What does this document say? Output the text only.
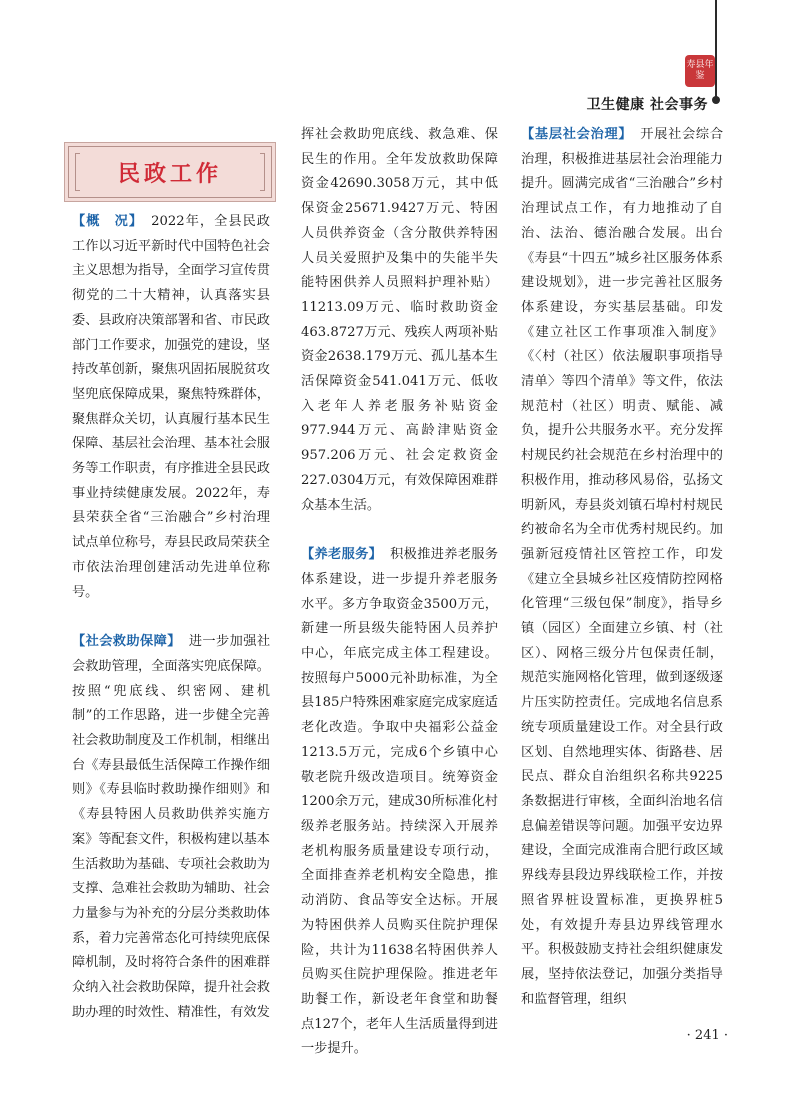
寿县年鉴
卫生健康 社会事务
民政工作

【概　况】 2022年，全县民政工作以习近平新时代中国特色社会主义思想为指导，全面学习宣传贯彻党的二十大精神，认真落实县委、县政府决策部署和省、市民政部门工作要求，加强党的建设，坚持改革创新，聚焦巩固拓展脱贫攻坚兜底保障成果，聚焦特殊群体，聚焦群众关切，认真履行基本民生保障、基层社会治理、基本社会服务等工作职责，有序推进全县民政事业持续健康发展。2022年，寿县荣获全省“三治融合”乡村治理试点单位称号，寿县民政局荣获全市依法治理创建活动先进单位称号。

【社会救助保障】 进一步加强社会救助管理，全面落实兜底保障。按照“兜底线、织密网、建机制”的工作思路，进一步健全完善社会救助制度及工作机制，相继出台《寿县最低生活保障工作操作细则》《寿县临时救助操作细则》和《寿县特困人员救助供养实施方案》等配套文件，积极构建以基本生活救助为基础、专项社会救助为支撑、急难社会救助为辅助、社会力量参与为补充的分层分类救助体系，着力完善常态化可持续兜底保障机制，及时将符合条件的困难群众纳入社会救助保障，提升社会救助办理的时效性、精准性，有效发

挥社会救助兜底线、救急难、保民生的作用。全年发放救助保障资金42690.3058万元，其中低保资金25671.9427万元、特困人员供养资金（含分散供养特困人员关爱照护及集中的失能半失能特困供养人员照料护理补贴）11213.09万元、临时救助资金463.8727万元、残疾人两项补贴资金2638.179万元、孤儿基本生活保障资金541.041万元、低收入老年人养老服务补贴资金977.944万元、高龄津贴资金957.206万元、社会定救资金227.0304万元，有效保障困难群众基本生活。

【养老服务】 积极推进养老服务体系建设，进一步提升养老服务水平。多方争取资金3500万元，新建一所县级失能特困人员养护中心，年底完成主体工程建设。按照每户5000元补助标准，为全县185户特殊困难家庭完成家庭适老化改造。争取中央福彩公益金1213.5万元，完成6个乡镇中心敬老院升级改造项目。统筹资金1200余万元，建成30所标准化村级养老服务站。持续深入开展养老机构服务质量建设专项行动，全面排查养老机构安全隐患，推动消防、食品等安全达标。开展为特困供养人员购买住院护理保险，共计为11638名特困供养人员购买住院护理保险。推进老年助餐工作，新设老年食堂和助餐点127个，老年人生活质量得到进一步提升。

【基层社会治理】 开展社会综合治理，积极推进基层社会治理能力提升。圆满完成省“三治融合”乡村治理试点工作，有力地推动了自治、法治、德治融合发展。出台《寿县“十四五”城乡社区服务体系建设规划》，进一步完善社区服务体系建设，夯实基层基础。印发《建立社区工作事项准入制度》《〈村（社区）依法履职事项指导清单〉等四个清单》等文件，依法规范村（社区）明责、赋能、减负，提升公共服务水平。充分发挥村规民约社会规范在乡村治理中的积极作用，推动移风易俗，弘扬文明新风，寿县炎刘镇石埠村村规民约被命名为全市优秀村规民约。加强新冠疫情社区管控工作，印发《建立全县城乡社区疫情防控网格化管理“三级包保”制度》，指导乡镇（园区）全面建立乡镇、村（社区）、网格三级分片包保责任制，规范实施网格化管理，做到逐级逐片压实防控责任。完成地名信息系统专项质量建设工作。对全县行政区划、自然地理实体、街路巷、居民点、群众自治组织名称共9225条数据进行审核，全面纠治地名信息偏差错误等问题。加强平安边界建设，全面完成淮南合肥行政区域界线寿县段边界线联检工作，并按照省界桩设置标准，更换界桩5处，有效提升寿县边界线管理水平。积极鼓励支持社会组织健康发展，坚持依法登记，加强分类指导和监督管理，组织

· 241 ·
